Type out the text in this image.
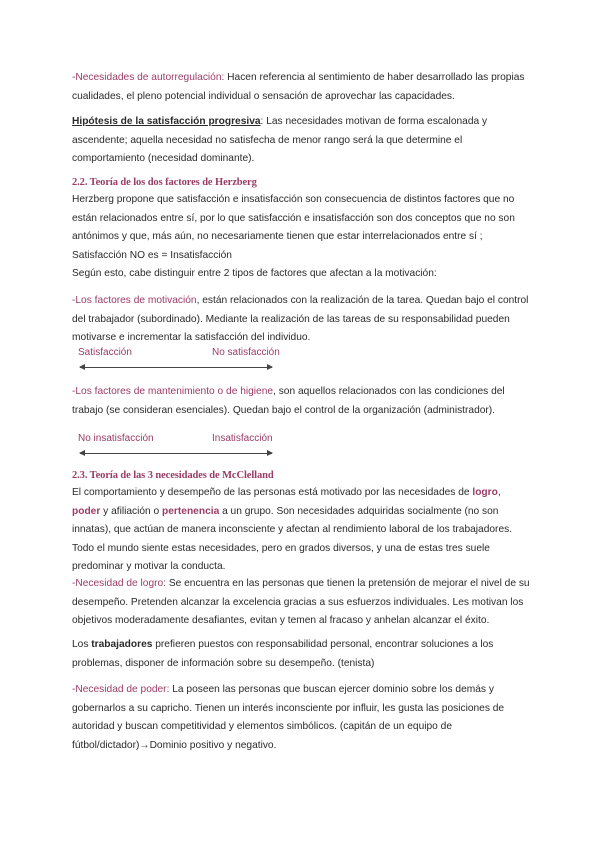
-Necesidades de autorregulación: Hacen referencia al sentimiento de haber desarrollado las propias cualidades, el pleno potencial individual o sensación de aprovechar las capacidades.

Hipótesis de la satisfacción progresiva: Las necesidades motivan de forma escalonada y ascendente; aquella necesidad no satisfecha de menor rango será la que determine el comportamiento (necesidad dominante).

2.2. Teoría de los dos factores de Herzberg

Herzberg propone que satisfacción e insatisfacción son consecuencia de distintos factores que no están relacionados entre sí, por lo que satisfacción e insatisfacción son dos conceptos que no son antónimos y que, más aún, no necesariamente tienen que estar interrelacionados entre sí ; Satisfacción NO es = Insatisfacción

Según esto, cabe distinguir entre 2 tipos de factores que afectan a la motivación:

-Los factores de motivación, están relacionados con la realización de la tarea. Quedan bajo el control del trabajador (subordinado). Mediante la realización de las tareas de su responsabilidad pueden motivarse e incrementar la satisfacción del individuo.

Satisfacción	No satisfacción

-Los factores de mantenimiento o de higiene, son aquellos relacionados con las condiciones del trabajo (se consideran esenciales). Quedan bajo el control de la organización (administrador).

No insatisfacción	Insatisfacción
2.3. Teoría de las 3 necesidades de McClelland

El comportamiento y desempeño de las personas está motivado por las necesidades de logro, poder y afiliación o pertenencia a un grupo. Son necesidades adquiridas socialmente (no son innatas), que actúan de manera inconsciente y afectan al rendimiento laboral de los trabajadores. Todo el mundo siente estas necesidades, pero en grados diversos, y una de estas tres suele predominar y motivar la conducta.

-Necesidad de logro: Se encuentra en las personas que tienen la pretensión de mejorar el nivel de su desempeño. Pretenden alcanzar la excelencia gracias a sus esfuerzos individuales. Les motivan los objetivos moderadamente desafiantes, evitan y temen al fracaso y anhelan alcanzar el éxito.

Los trabajadores prefieren puestos con responsabilidad personal, encontrar soluciones a los problemas, disponer de información sobre su desempeño. (tenista)

-Necesidad de poder: La poseen las personas que buscan ejercer dominio sobre los demás y gobernarlos a su capricho. Tienen un interés inconsciente por influir, les gusta las posiciones de autoridad y buscan competitividad y elementos simbólicos. (capitán de un equipo de fútbol/dictador)→Dominio positivo y negativo.
